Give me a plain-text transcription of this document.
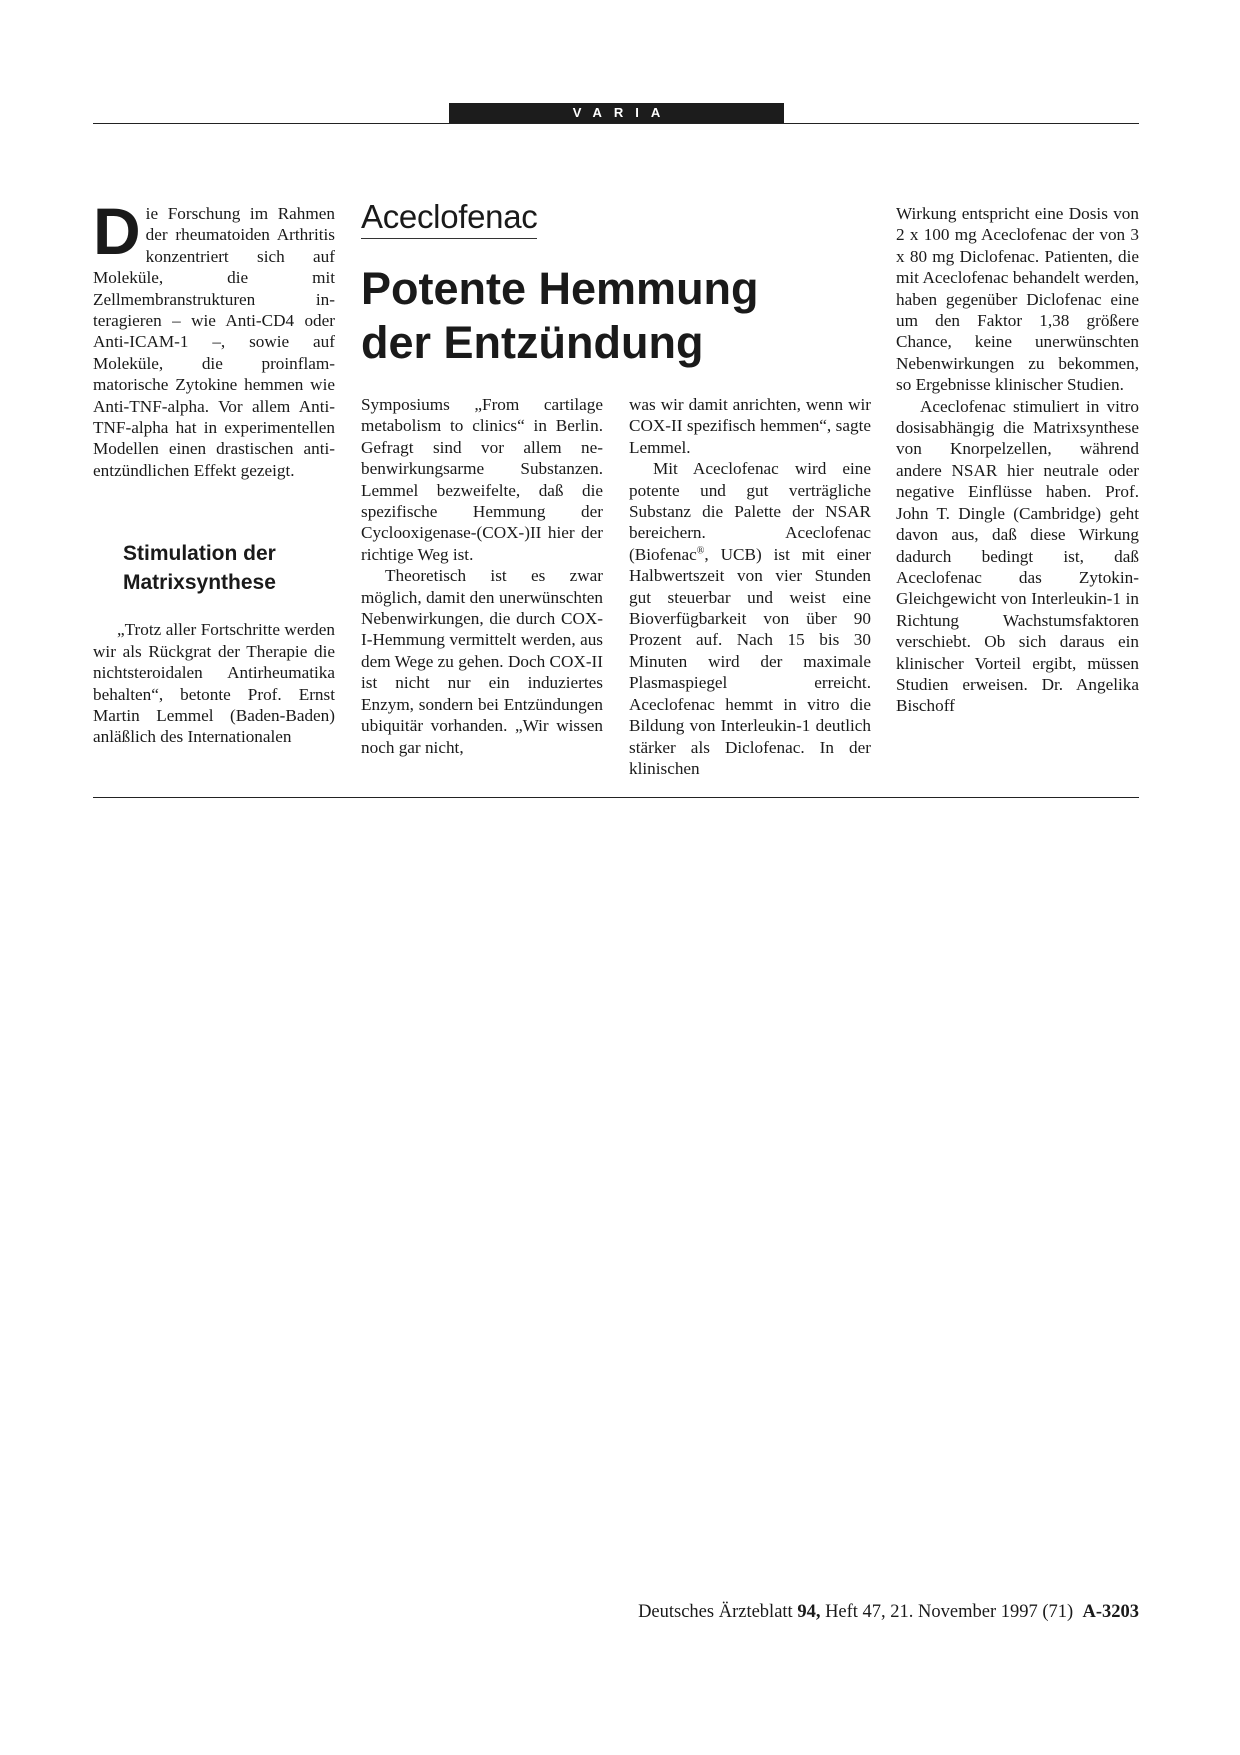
VARIA

Die Forschung im Rahmen der rheumatoiden Arthritis konzentriert sich auf Moleküle, die mit Zellmembranstrukturen interagieren – wie Anti-CD4 oder Anti-ICAM-1 –, sowie auf Moleküle, die proinflammatorische Zytokine hemmen wie Anti-TNF-alpha. Vor allem Anti-TNF-alpha hat in experimentellen Modellen einen drastischen antientzündlichen Effekt gezeigt.

Stimulation der
Matrixsynthese

„Trotz aller Fortschritte werden wir als Rückgrat der Therapie die nichtsteroidalen Antirheumatika behalten“, betonte Prof. Ernst Martin Lemmel (Baden-Baden) anläßlich des Internationalen

Aceclofenac
Potente Hemmung
der Entzündung

Symposiums „From cartilage metabolism to clinics“ in Berlin. Gefragt sind vor allem nebenwirkungsarme Substanzen. Lemmel bezweifelte, daß die spezifische Hemmung der Cyclooxigenase-(COX-)II hier der richtige Weg ist.

Theoretisch ist es zwar möglich, damit den unerwünschten Nebenwirkungen, die durch COX-I-Hemmung vermittelt werden, aus dem Wege zu gehen. Doch COX-II ist nicht nur ein induziertes Enzym, sondern bei Entzündungen ubiquitär vorhanden. „Wir wissen noch gar nicht,

was wir damit anrichten, wenn wir COX-II spezifisch hemmen“, sagte Lemmel.

Mit Aceclofenac wird eine potente und gut verträgliche Substanz die Palette der NSAR bereichern. Aceclofenac (Biofenac®, UCB) ist mit einer Halbwertszeit von vier Stunden gut steuerbar und weist eine Bioverfügbarkeit von über 90 Prozent auf. Nach 15 bis 30 Minuten wird der maximale Plasmaspiegel erreicht. Aceclofenac hemmt in vitro die Bildung von Interleukin-1 deutlich stärker als Diclofenac. In der klinischen

Wirkung entspricht eine Dosis von 2 x 100 mg Aceclofenac der von 3 x 80 mg Diclofenac. Patienten, die mit Aceclofenac behandelt werden, haben gegenüber Diclofenac eine um den Faktor 1,38 größere Chance, keine unerwünschten Nebenwirkungen zu bekommen, so Ergebnisse klinischer Studien.

Aceclofenac stimuliert in vitro dosisabhängig die Matrixsynthese von Knorpelzellen, während andere NSAR hier neutrale oder negative Einflüsse haben. Prof. John T. Dingle (Cambridge) geht davon aus, daß diese Wirkung dadurch bedingt ist, daß Aceclofenac das Zytokin-Gleichgewicht von Interleukin-1 in Richtung Wachstumsfaktoren verschiebt. Ob sich daraus ein klinischer Vorteil ergibt, müssen Studien erweisen. Dr. Angelika Bischoff

Deutsches Ärzteblatt 94, Heft 47, 21. November 1997 (71) A-3203
